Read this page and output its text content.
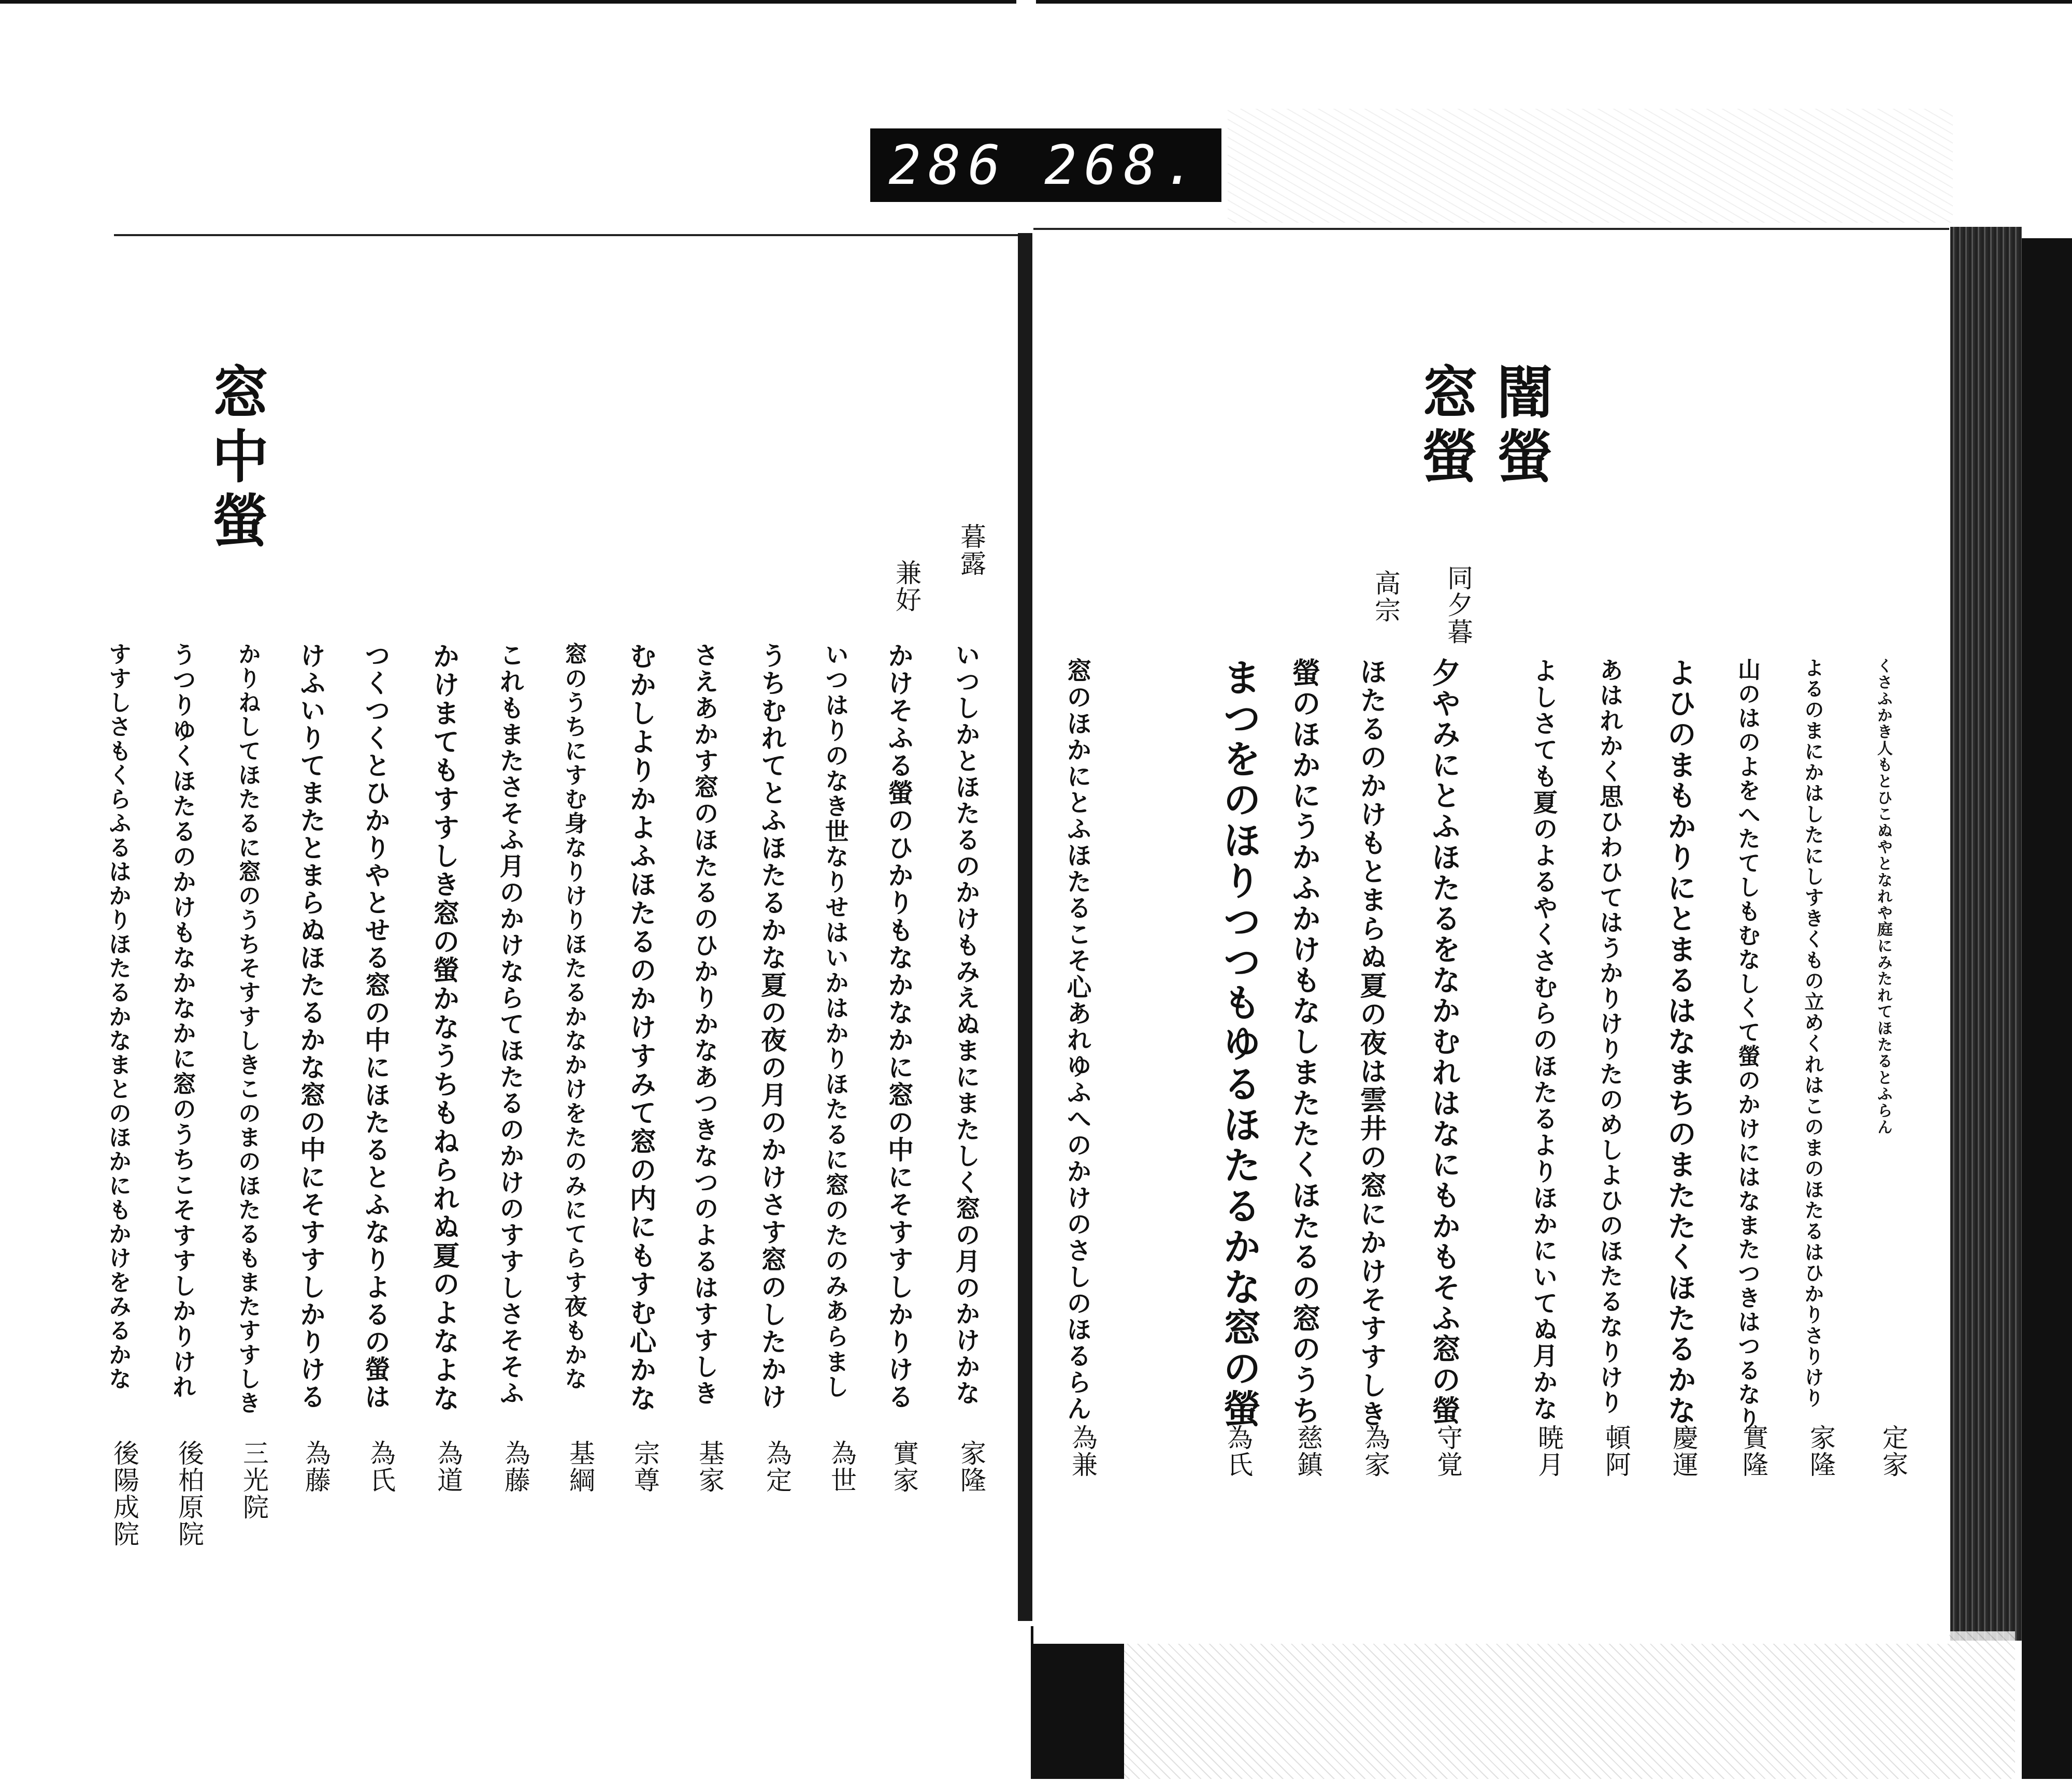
286 268.
闇螢
窓螢
くさふかき人もとひこぬやとなれや庭にみたれてほたるとふらん
定家
よるのまにかはしたにしすきくもの立めくれはこのまのほたるはひかりさりけり
家隆
山のはのよをへたてしもむなしくて螢のかけにはなまたつきはつるなり
實隆
よひのまもかりにとまるはなまちのまたたくほたるかな
慶運
あはれかく思ひわひてはうかりけりたのめしよひのほたるなりけり
頓阿
よしさても夏のよるやくさむらのほたるよりほかにいてぬ月かな
暁月
同夕暮
高宗
夕やみにとふほたるをなかむれはなにもかもそふ窓の螢
守覚
ほたるのかけもとまらぬ夏の夜は雲井の窓にかけそすすしき
為家
螢のほかにうかふかけもなしまたたくほたるの窓のうち
慈鎮
まつをのほりつつもゆるほたるかな窓の螢
為氏
窓のほかにとふほたるこそ心あれゆふへのかけのさしのほるらん
為兼
窓中螢	暮露
兼好
いつしかとほたるのかけもみえぬまにまたしく窓の月のかけかな
家隆
かけそふる螢のひかりもなかなかに窓の中にそすすしかりける
實家
いつはりのなき世なりせはいかはかりほたるに窓のたのみあらまし
為世
うちむれてとふほたるかな夏の夜の月のかけさす窓のしたかけ
為定
さえあかす窓のほたるのひかりかなあつきなつのよるはすすしき
基家
むかしよりかよふほたるのかけすみて窓の内にもすむ心かな
宗尊
窓のうちにすむ身なりけりほたるかなかけをたのみにてらす夜もかな
基綱
これもまたさそふ月のかけならてほたるのかけのすすしさそそふ
為藤
かけまてもすすしき窓の螢かなうちもねられぬ夏のよなよな
為道
つくつくとひかりやとせる窓の中にほたるとふなりよるの螢は
為氏
けふいりてまたとまらぬほたるかな窓の中にそすすしかりける
為藤
かりねしてほたるに窓のうちそすすしきこのまのほたるもまたすすしき
三光院
うつりゆくほたるのかけもなかなかに窓のうちこそすすしかりけれ
後柏原院
すすしさもくらふるはかりほたるかなまとのほかにもかけをみるかな
後陽成院
